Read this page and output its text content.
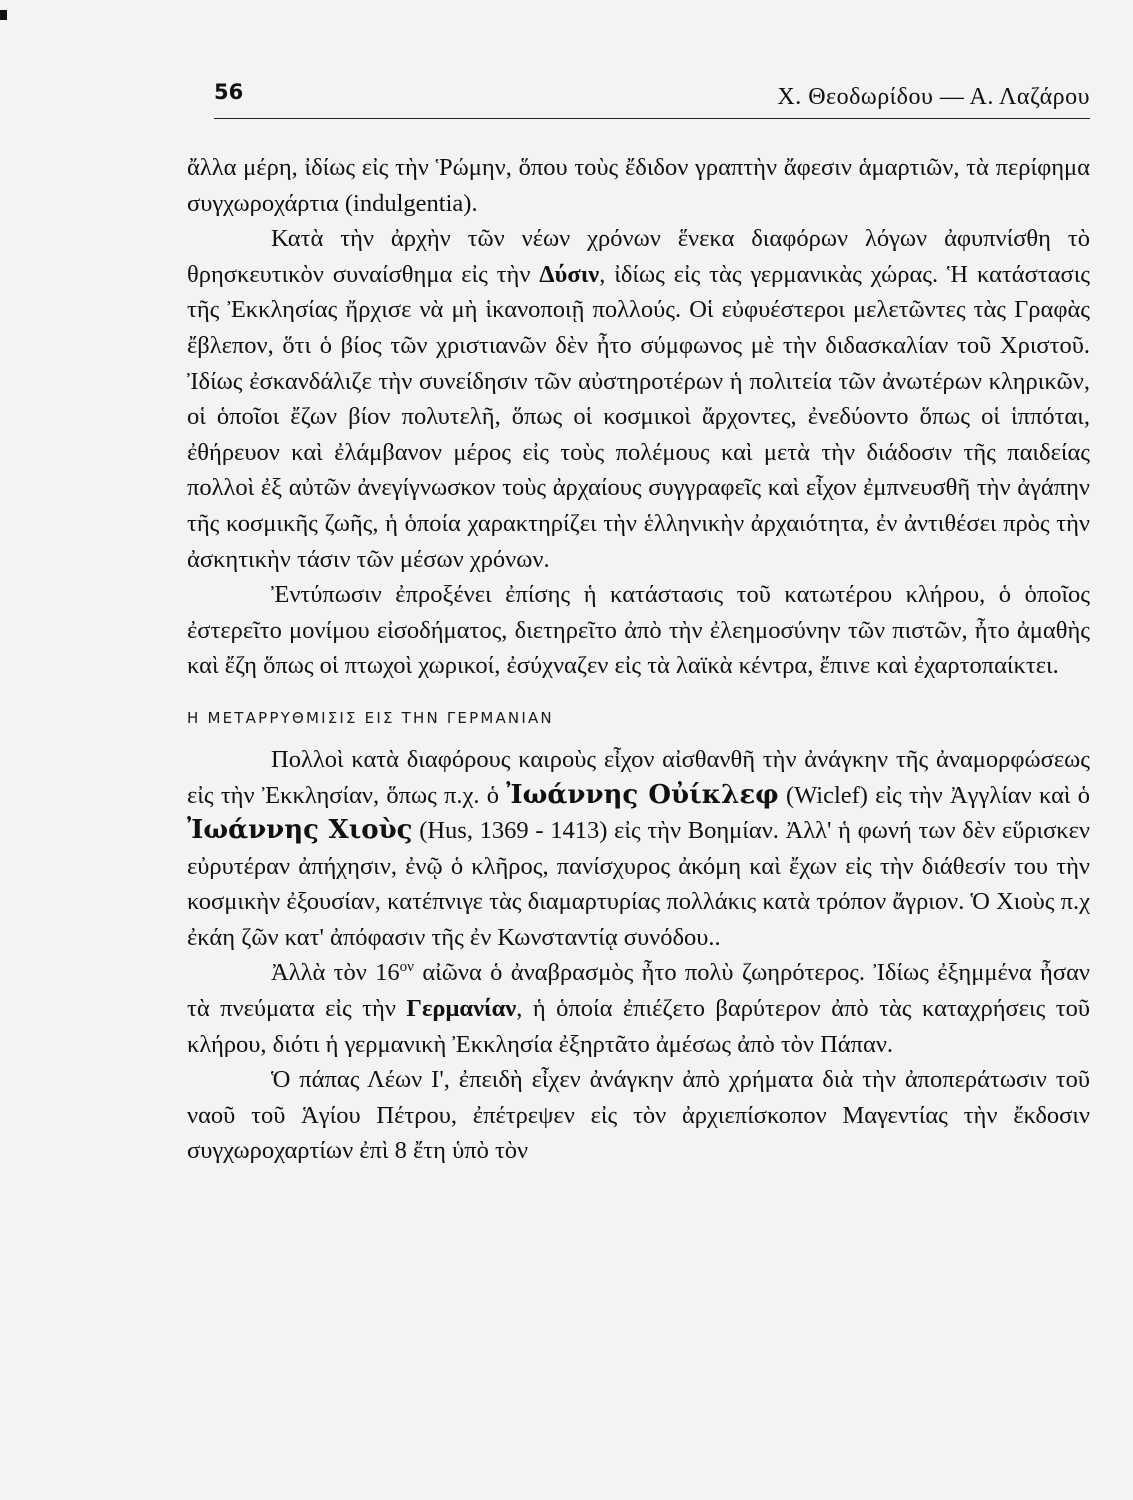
56	Χ. Θεοδωρίδου — Α. Λαζάρου

ἄλλα μέρη, ἰδίως εἰς τὴν Ῥώμην, ὅπου τοὺς ἔδιδον γραπτὴν ἄφεσιν ἁμαρτιῶν, τὰ περίφημα συγχωροχάρτια (indulgentia).

Κατὰ τὴν ἀρχὴν τῶν νέων χρόνων ἕνεκα διαφόρων λόγων ἀφυπνίσθη τὸ θρησκευτικὸν συναίσθημα εἰς τὴν Δύσιν, ἰδίως εἰς τὰς γερμανικὰς χώρας. Ἡ κατάστασις τῆς Ἐκκλησίας ἤρχισε νὰ μὴ ἱκανοποιῇ πολλούς. Οἱ εὐφυέστεροι μελετῶντες τὰς Γραφὰς ἔβλεπον, ὅτι ὁ βίος τῶν χριστιανῶν δὲν ἦτο σύμφωνος μὲ τὴν διδασκαλίαν τοῦ Χριστοῦ. Ἰδίως ἐσκανδάλιζε τὴν συνείδησιν τῶν αὐστηροτέρων ἡ πολιτεία τῶν ἀνωτέρων κληρικῶν, οἱ ὁποῖοι ἔζων βίον πολυτελῆ, ὅπως οἱ κοσμικοὶ ἄρχοντες, ἐνεδύοντο ὅπως οἱ ἱππόται, ἐθήρευον καὶ ἐλάμβανον μέρος εἰς τοὺς πολέμους καὶ μετὰ τὴν διάδοσιν τῆς παιδείας πολλοὶ ἐξ αὐτῶν ἀνεγίγνωσκον τοὺς ἀρχαίους συγγραφεῖς καὶ εἶχον ἐμπνευσθῆ τὴν ἀγάπην τῆς κοσμικῆς ζωῆς, ἡ ὁποία χαρακτηρίζει τὴν ἑλληνικὴν ἀρχαιότητα, ἐν ἀντιθέσει πρὸς τὴν ἀσκητικὴν τάσιν τῶν μέσων χρόνων.

Ἐντύπωσιν ἐπροξένει ἐπίσης ἡ κατάστασις τοῦ κατωτέρου κλήρου, ὁ ὁποῖος ἐστερεῖτο μονίμου εἰσοδήματος, διετηρεῖτο ἀπὸ τὴν ἐλεημοσύνην τῶν πιστῶν, ἦτο ἀμαθὴς καὶ ἔζη ὅπως οἱ πτωχοὶ χωρικοί, ἐσύχναζεν εἰς τὰ λαϊκὰ κέντρα, ἔπινε καὶ ἐχαρτοπαίκτει.

Η ΜΕΤΑΡΡΥΘΜΙΣΙΣ ΕΙΣ ΤΗΝ ΓΕΡΜΑΝΙΑΝ

Πολλοὶ κατὰ διαφόρους καιροὺς εἶχον αἰσθανθῆ τὴν ἀνάγκην τῆς ἀναμορφώσεως εἰς τὴν Ἐκκλησίαν, ὅπως π.χ. ὁ Ἰωάννης Οὐίκλεφ (Wiclef) εἰς τὴν Ἀγγλίαν καὶ ὁ Ἰωάννης Χιοὺς (Hus, 1369 - 1413) εἰς τὴν Βοημίαν. Ἀλλ' ἡ φωνή των δὲν εὕρισκεν εὐρυτέραν ἀπήχησιν, ἐνῷ ὁ κλῆρος, πανίσχυρος ἀκόμη καὶ ἔχων εἰς τὴν διάθεσίν του τὴν κοσμικὴν ἐξουσίαν, κατέπνιγε τὰς διαμαρτυρίας πολλάκις κατὰ τρόπον ἄγριον. Ὁ Χιοὺς π.χ ἐκάη ζῶν κατ' ἀπόφασιν τῆς ἐν Κωνσταντίᾳ συνόδου..

Ἀλλὰ τὸν $16^{o\nu}$ αἰῶνα ὁ ἀναβρασμὸς ἦτο πολὺ ζωηρότερος. Ἰδίως ἐξημμένα ἦσαν τὰ πνεύματα εἰς τὴν Γερμανίαν, ἡ ὁποία ἐπιέζετο βαρύτερον ἀπὸ τὰς καταχρήσεις τοῦ κλήρου, διότι ἡ γερμανικὴ Ἐκκλησία ἐξηρτᾶτο ἀμέσως ἀπὸ τὸν Πάπαν.

Ὁ πάπας Λέων Ι', ἐπειδὴ εἶχεν ἀνάγκην ἀπὸ χρήματα διὰ τὴν ἀποπεράτωσιν τοῦ ναοῦ τοῦ Ἁγίου Πέτρου, ἐπέτρεψεν εἰς τὸν ἀρχιεπίσκοπον Μαγεντίας τὴν ἔκδοσιν συγχωροχαρτίων ἐπὶ 8 ἔτη ὑπὸ τὸν
